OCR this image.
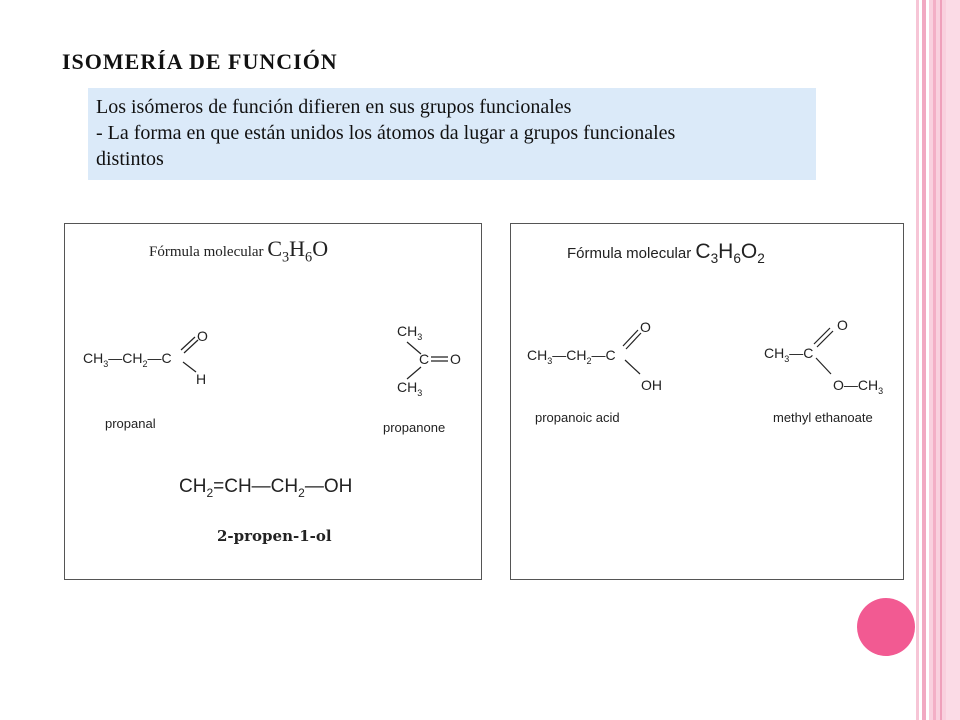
ISOMERÍA DE FUNCIÓN
Los isómeros de función difieren en sus grupos funcionales
- La forma en que están unidos los átomos da lugar a grupos funcionales
distintos
Fórmula molecular $C_3H_6O$
$CH_3—CH_2—C$
O
H
$CH_3$
C O
$CH_3$
$CH_2=CH—CH_2—OH$
propanal	propanone
2-propen-1-ol
Fórmula molecular $C_3H_6O_2$
$CH_3—CH_2—C$
O
OH
$CH_3—C$
O
$O—CH_3$
propanoic acid	methyl ethanoate
